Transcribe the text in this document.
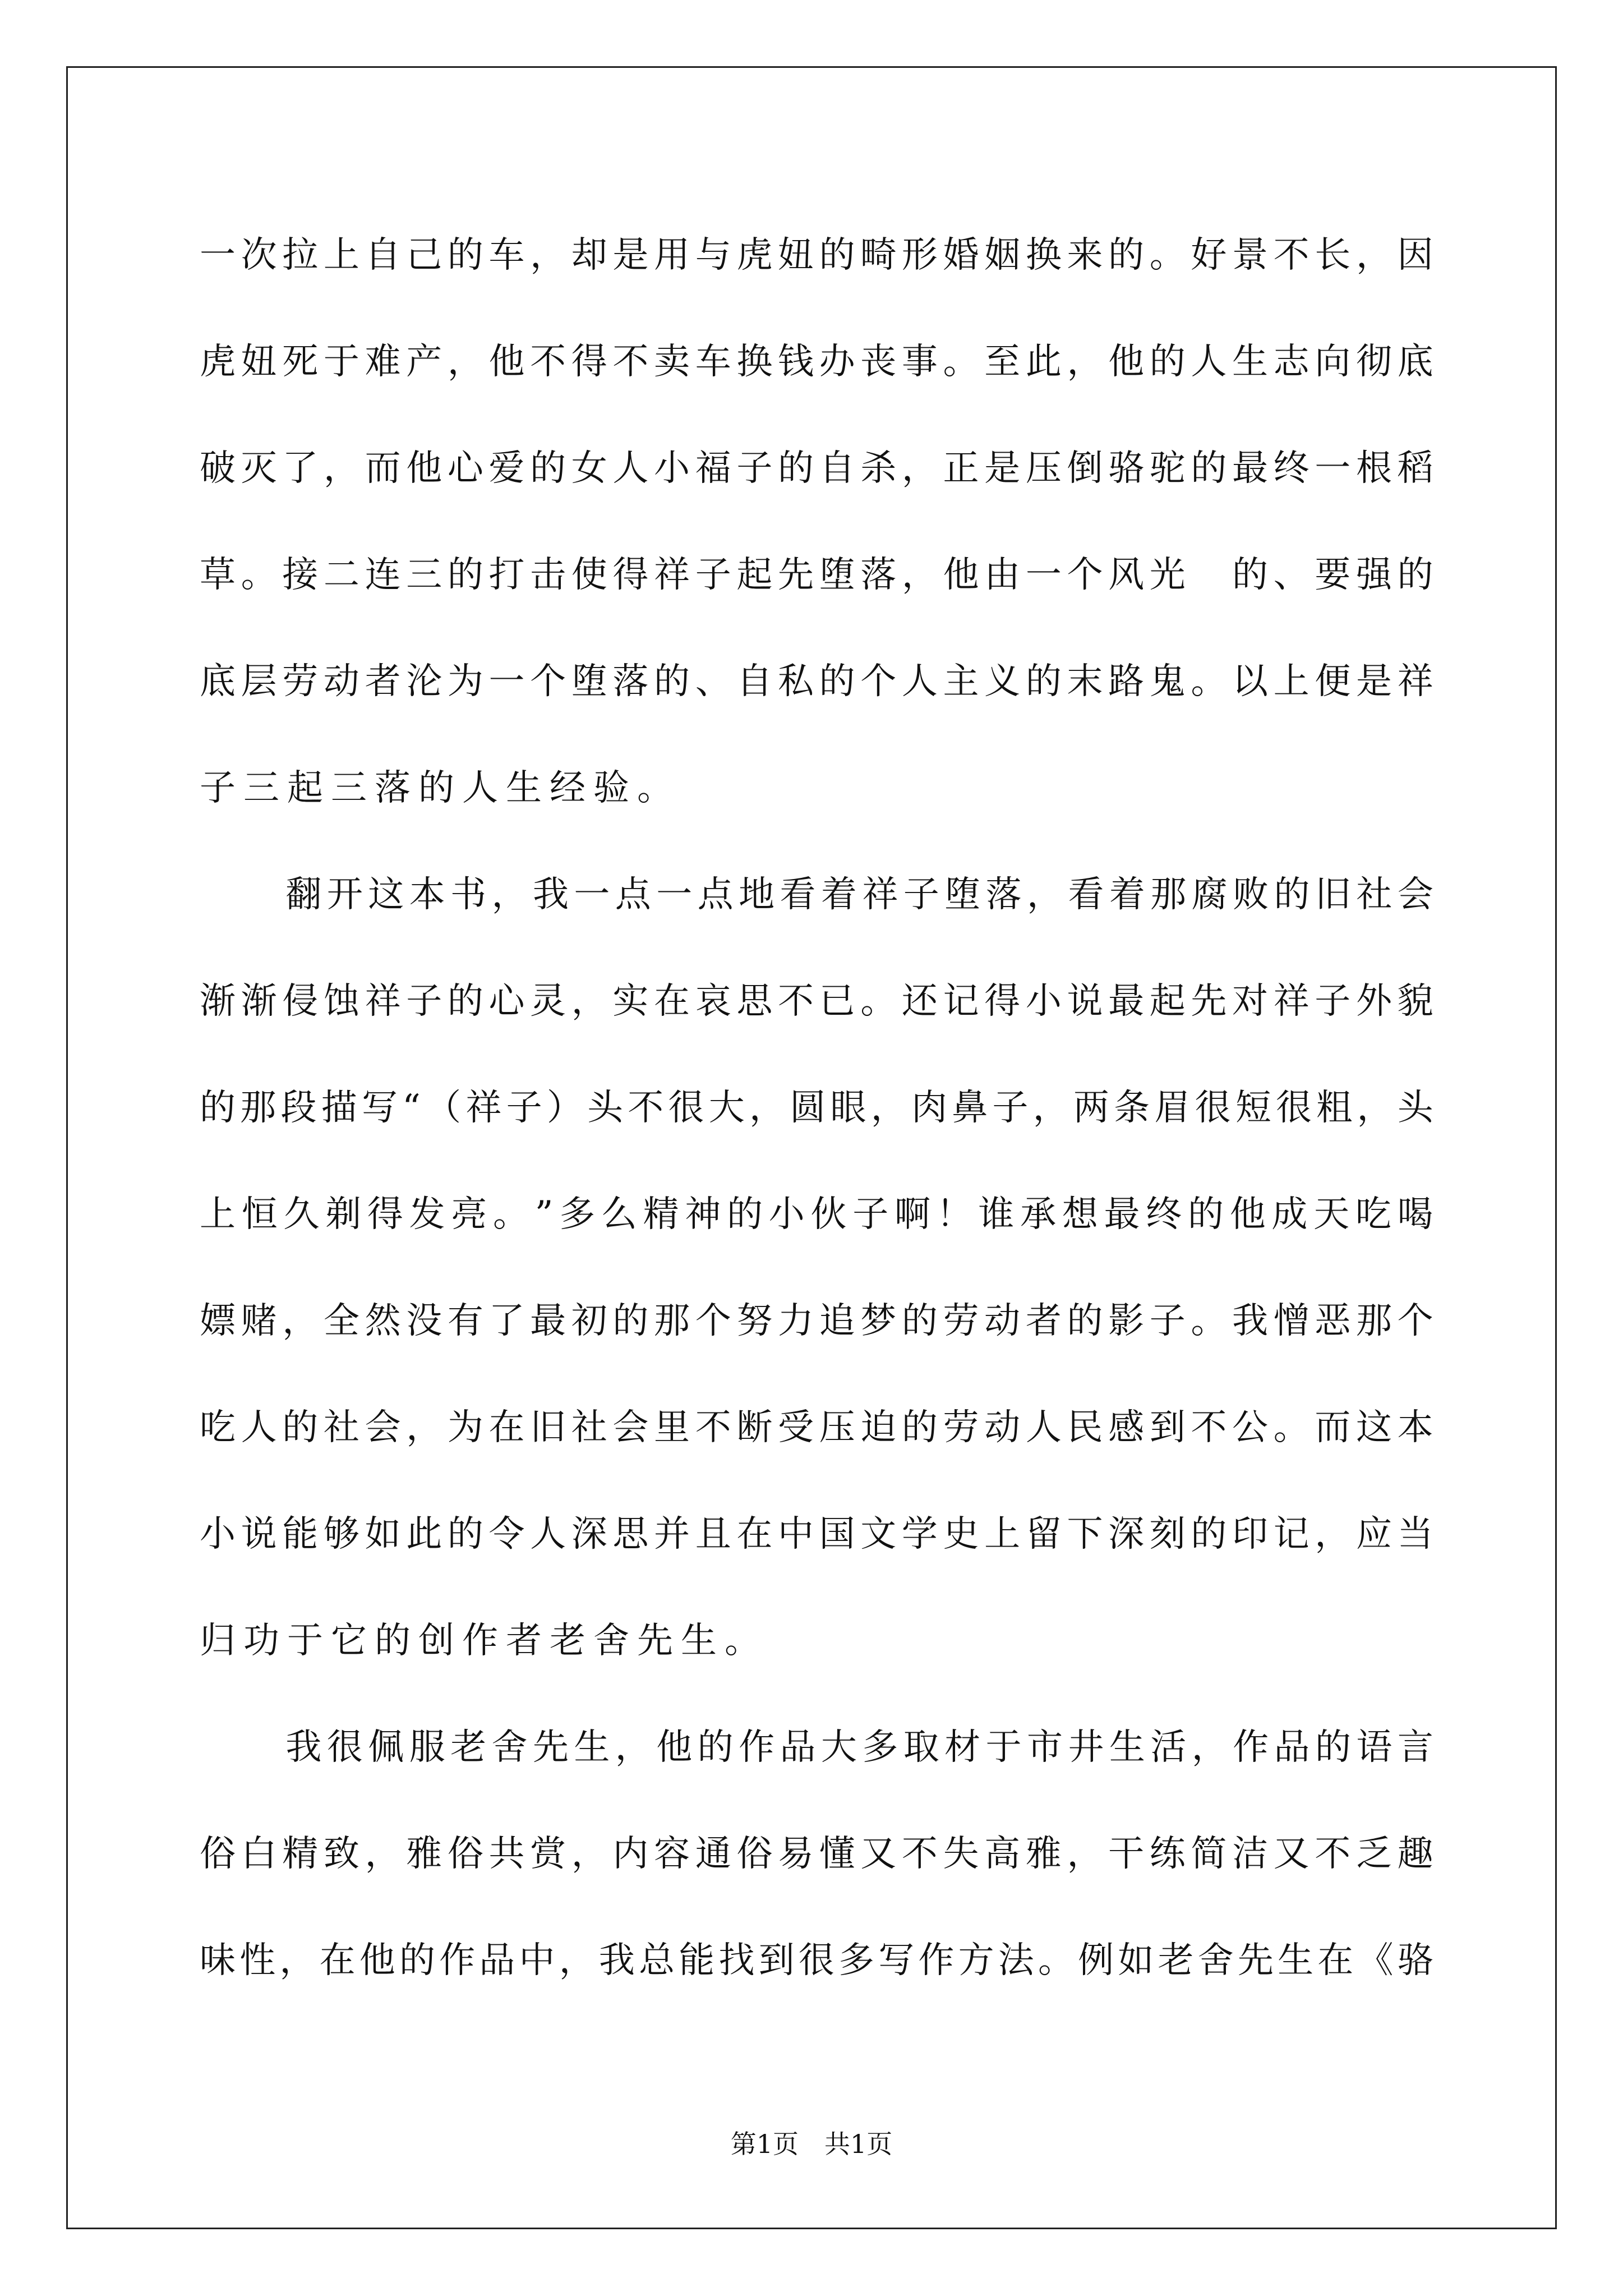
一 次 拉 上 自 己 的 车 ， 却 是 用 与 虎 妞 的 畸 形 婚 姻 换 来 的 。 好 景 不 长 ， 因
虎 妞 死 于 难 产 ， 他 不 得 不 卖 车 换 钱 办 丧 事 。 至 此 ， 他 的 人 生 志 向 彻 底
破 灭 了 ， 而 他 心 爱 的 女 人 小 福 子 的 自 杀 ， 正 是 压 倒 骆 驼 的 最 终 一 根 稻
草 。 接 二 连 三 的 打 击 使 得 祥 子 起 先 堕 落 ， 他 由 一 个 风 光
　 的 、 要 强 的
底 层 劳 动 者 沦 为 一 个 堕 落 的 、 自 私 的 个 人 主 义 的 末 路 鬼 。 以 上 便 是 祥
子 三 起 三 落 的 人 生 经 验 。
翻 开 这 本 书 ， 我 一 点 一 点 地 看 着 祥 子 堕 落 ， 看 着 那 腐 败 的 旧 社 会
渐 渐 侵 蚀 祥 子 的 心 灵 ， 实 在 哀 思 不 已 。 还 记 得 小 说 最 起 先 对 祥 子 外 貌
的 那 段 描 写 “ （ 祥 子 ） 头 不 很 大 ， 圆 眼 ， 肉 鼻 子 ， 两 条 眉 很 短 很 粗 ， 头
上 恒 久 剃 得 发 亮 。 ” 多 么 精 神 的 小 伙 子 啊 ！ 谁 承 想 最 终 的 他 成 天 吃 喝
嫖 赌 ， 全 然 没 有 了 最 初 的 那 个 努 力 追 梦 的 劳 动 者 的 影 子 。 我 憎 恶 那 个
吃 人 的 社 会 ， 为 在 旧 社 会 里 不 断 受 压 迫 的 劳 动 人 民 感 到 不 公 。 而 这 本
小 说 能 够 如 此 的 令 人 深 思 并 且 在 中 国 文 学 史 上 留 下 深 刻 的 印 记 ， 应 当
归 功 于 它 的 创 作 者 老 舍 先 生 。
我 很 佩 服 老 舍 先 生 ， 他 的 作 品 大 多 取 材 于 市 井 生 活 ， 作 品 的 语 言
俗 白 精 致 ， 雅 俗 共 赏 ， 内 容 通 俗 易 懂 又 不 失 高 雅 ， 干 练 简 洁 又 不 乏 趣
味 性 ， 在 他 的 作 品 中 ， 我 总 能 找 到 很 多 写 作 方 法 。 例 如 老 舍 先 生 在 《 骆
第1页　共1页
